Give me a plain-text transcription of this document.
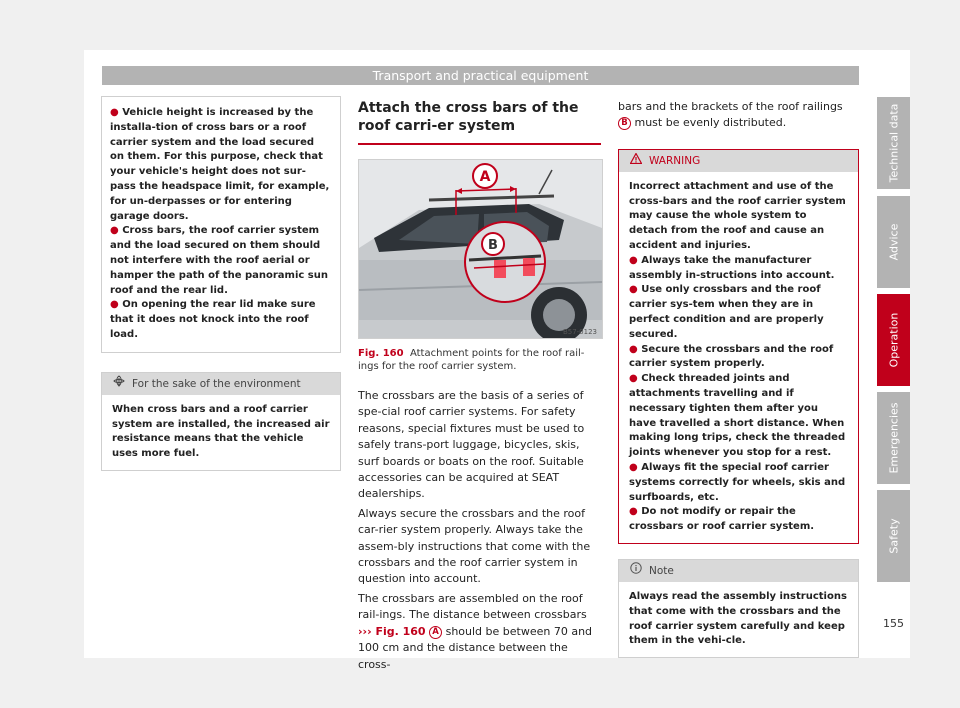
Transport and practical equipment

● Vehicle height is increased by the installa-tion of cross bars or a roof carrier system and the load secured on them. For this purpose, check that your vehicle's height does not sur-pass the headspace limit, for example, for un-derpasses or for entering garage doors.

● Cross bars, the roof carrier system and the load secured on them should not interfere with the roof aerial or hamper the path of the panoramic sun roof and the rear lid.

● On opening the rear lid make sure that it does not knock into the roof load.

For the sake of the environment

When cross bars and a roof carrier system are installed, the increased air resistance means that the vehicle uses more fuel.

Attach the cross bars of the roof carri-er system
A
B
B57-0123
Fig. 160 Attachment points for the roof rail-ings for the roof carrier system.

The crossbars are the basis of a series of spe-cial roof carrier systems. For safety reasons, special fixtures must be used to safely trans-port luggage, bicycles, skis, surf boards or boats on the roof. Suitable accessories can be acquired at SEAT dealerships.

Always secure the crossbars and the roof car-rier system properly. Always take the assem-bly instructions that come with the crossbars and the roof carrier system in question into account.

The crossbars are assembled on the roof rail-ings. The distance between crossbars ››› Fig. 160 A should be between 70 and 100 cm and the distance between the cross-

bars and the brackets of the roof railings B must be evenly distributed.

WARNING

Incorrect attachment and use of the cross-bars and the roof carrier system may cause the whole system to detach from the roof and cause an accident and injuries.

● Always take the manufacturer assembly in-structions into account.

● Use only crossbars and the roof carrier sys-tem when they are in perfect condition and are properly secured.

● Secure the crossbars and the roof carrier system properly.

● Check threaded joints and attachments travelling and if necessary tighten them after you have travelled a short distance. When making long trips, check the threaded joints whenever you stop for a rest.

● Always fit the special roof carrier systems correctly for wheels, skis and surfboards, etc.

● Do not modify or repair the crossbars or roof carrier system.

Note

Always read the assembly instructions that come with the crossbars and the roof carrier system carefully and keep them in the vehi-cle.

Technical data
Advice
Operation
Emergencies
Safety
155
